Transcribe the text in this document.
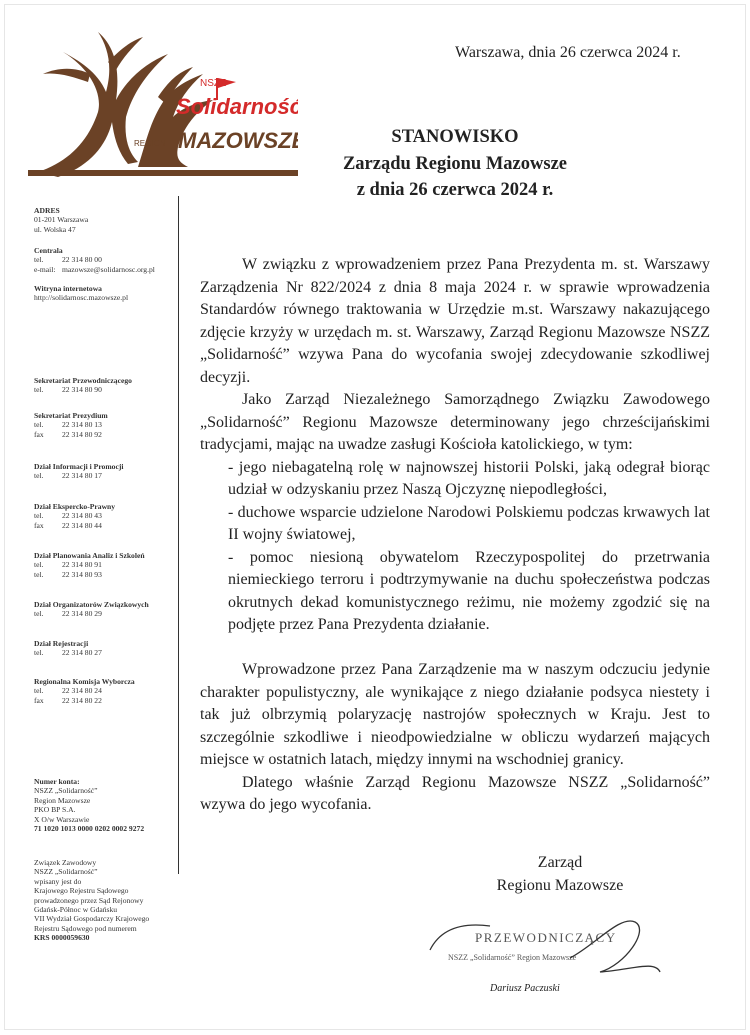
NSZZ
Solidarność
REGION MAZOWSZE
Warszawa, dnia 26 czerwca 2024 r.
STANOWISKO
Zarządu Regionu Mazowsze
z dnia 26 czerwca 2024 r.
ADRES
01-201 Warszawa
ul. Wolska 47
Centrala
tel.	22 314 80 00
e-mail: mazowsze@solidarnosc.org.pl
Witryna internetowa
http://solidarnosc.mazowsze.pl
Sekretariat Przewodniczącego
tel.	22 314 80 90
Sekretariat Prezydium
tel.	22 314 80 13
fax	22 314 80 92
Dział Informacji i Promocji
tel.	22 314 80 17
Dział Ekspercko-Prawny
tel.	22 314 80 43
fax	22 314 80 44
Dział Planowania Analiz i Szkoleń
tel.	22 314 80 91
tel.	22 314 80 93
Dział Organizatorów Związkowych
tel.	22 314 80 29
Dział Rejestracji
tel.	22 314 80 27
Regionalna Komisja Wyborcza
tel.	22 314 80 24
fax	22 314 80 22
Numer konta:
NSZZ „Solidarność”
Region Mazowsze
PKO BP S.A.
X O/w Warszawie
71 1020 1013 0000 0202 0002 9272
Związek Zawodowy
NSZZ „Solidarność”
wpisany jest do
Krajowego Rejestru Sądowego
prowadzonego przez Sąd Rejonowy
Gdańsk-Północ w Gdańsku
VII Wydział Gospodarczy Krajowego
Rejestru Sądowego pod numerem
KRS 0000059630

W związku z wprowadzeniem przez Pana Prezydenta m. st. Warszawy Zarządzenia Nr 822/2024 z dnia 8 maja 2024 r. w sprawie wprowadzenia Standardów równego traktowania w Urzędzie m.st. Warszawy nakazującego zdjęcie krzyży w urzędach m. st. Warszawy, Zarząd Regionu Mazowsze NSZZ „Solidarność” wzywa Pana do wycofania swojej zdecydowanie szkodliwej decyzji.

Jako Zarząd Niezależnego Samorządnego Związku Zawodowego „Solidarność” Regionu Mazowsze determinowany jego chrześcijańskimi tradycjami, mając na uwadze zasługi Kościoła katolickiego, w tym:

- jego niebagatelną rolę w najnowszej historii Polski, jaką odegrał biorąc udział w odzyskaniu przez Naszą Ojczyznę niepodległości,

- duchowe wsparcie udzielone Narodowi Polskiemu podczas krwawych lat II wojny światowej,

- pomoc niesioną obywatelom Rzeczypospolitej do przetrwania niemieckiego terroru i podtrzymywanie na duchu społeczeństwa podczas okrutnych dekad komunistycznego reżimu, nie możemy zgodzić się na podjęte przez Pana Prezydenta działanie.

Wprowadzone przez Pana Zarządzenie ma w naszym odczuciu jedynie charakter populistyczny, ale wynikające z niego działanie podsyca niestety i tak już olbrzymią polaryzację nastrojów społecznych w Kraju. Jest to szczególnie szkodliwe i nieodpowiedzialne w obliczu wydarzeń mających miejsce w ostatnich latach, między innymi na wschodniej granicy.

Dlatego właśnie Zarząd Regionu Mazowsze NSZZ „Solidarność” wzywa do jego wycofania.

Zarząd
Regionu Mazowsze
PRZEWODNICZĄCY
NSZZ „Solidarność” Region Mazowsze
Dariusz Paczuski
